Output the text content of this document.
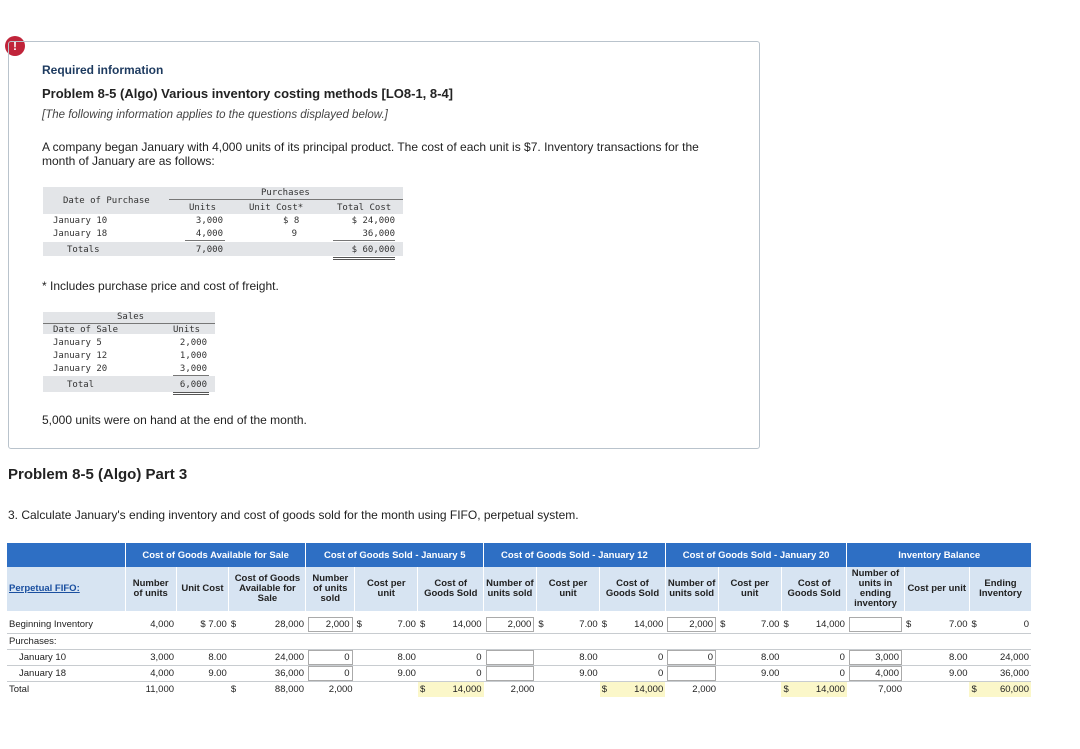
!
Required information
Problem 8-5 (Algo) Various inventory costing methods [LO8-1, 8-4]
[The following information applies to the questions displayed below.]
A company began January with 4,000 units of its principal product. The cost of each unit is $7. Inventory transactions for the month of January are as follows:
Date of Purchase
Purchases
Units	Unit Cost*	Total Cost
January 10	3,000	$ 8	$ 24,000
January 18	4,000	9	36,000
Totals	7,000	$ 60,000
* Includes purchase price and cost of freight.
Sales
Date of Sale	Units
January 5	2,000
January 12	1,000
January 20	3,000
Total	6,000
5,000 units were on hand at the end of the month.
Problem 8-5 (Algo) Part 3
3. Calculate January's ending inventory and cost of goods sold for the month using FIFO, perpetual system.
	Cost of Goods Available for Sale			Cost of Goods Sold - January 5					Cost of Goods Sold - January 12					Cost of Goods Sold - January 20					Inventory Balance				
Perpetual FIFO:	Number of units	Unit Cost	Cost of Goods Available for Sale	Number of units sold	Cost per unit		Cost of Goods Sold		Number of units sold	Cost per unit		Cost of Goods Sold		Number of units sold	Cost per unit		Cost of Goods Sold		Number of units in ending inventory	Cost per unit		Ending Inventory	

Beginning Inventory	4,000	$ 7.00	$ 28,000	2,000	$	7.00	$	14,000	2,000	$	7.00	$	14,000	2,000	$	7.00	$	14,000		$	7.00	$	0
Purchases:																							
January 10	3,000	8.00	24,000	0		8.00		0			8.00		0	0		8.00		0	3,000		8.00		24,000
January 18	4,000	9.00	36,000	0		9.00		0			9.00		0			9.00		0	4,000		9.00		36,000
Total	11,000		$ 88,000	2,000			$	14,000	2,000			$	14,000	2,000			$	14,000	7,000			$	60,000
